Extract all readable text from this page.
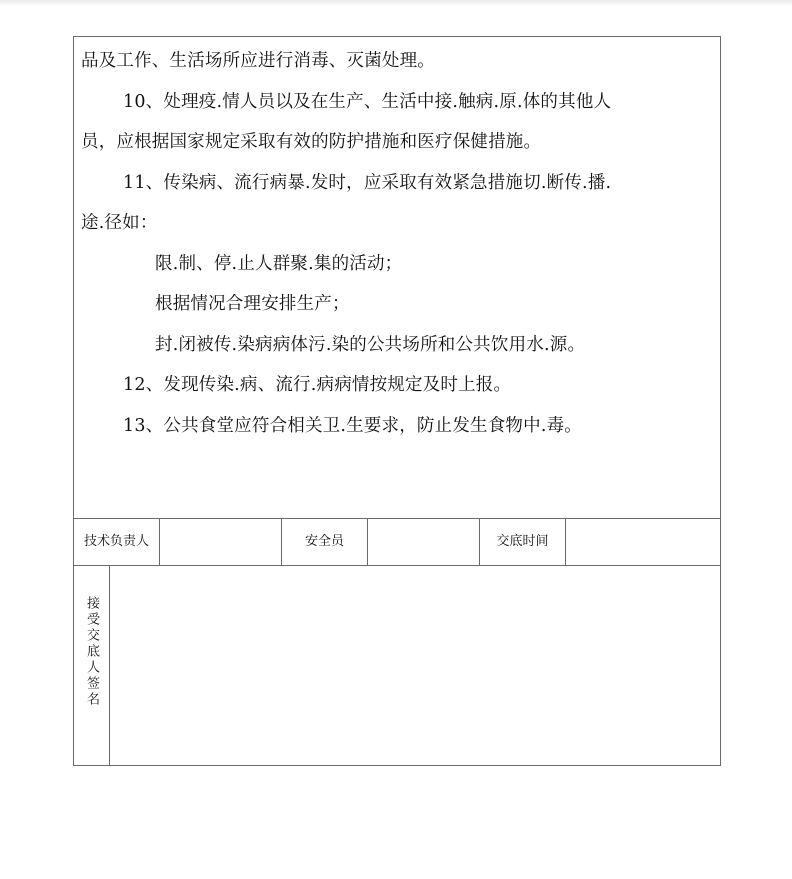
品及工作、生活场所应进行消毒、灭菌处理。

10、处理疫.情人员以及在生产、生活中接.触病.原.体的其他人

员，应根据国家规定采取有效的防护措施和医疗保健措施。

11、传染病、流行病暴.发时，应采取有效紧急措施切.断传.播.

途.径如：

限.制、停.止人群聚.集的活动；

根据情况合理安排生产；

封.闭被传.染病病体污.染的公共场所和公共饮用水.源。

12、发现传染.病、流行.病病情按规定及时上报。

13、公共食堂应符合相关卫.生要求，防止发生食物中.毒。

技术负责人	安全员	交底时间
接受交底人签名
